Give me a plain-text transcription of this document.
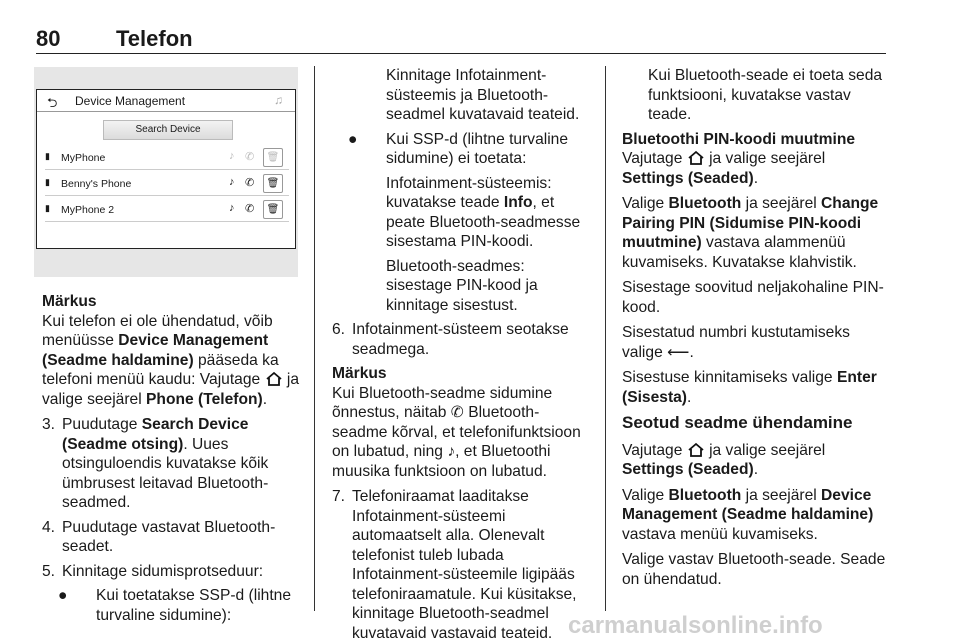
80	Telefon
⮌ Device Management	♫
Search Device
▮ MyPhone	♪ ✆	🗑
▮ Benny's Phone	♪ ✆	🗑
▮ MyPhone 2	♪ ✆	🗑

Märkus

Kui telefon ei ole ühendatud, võib menüüsse Device Management (Seadme haldamine) pääseda ka telefoni menüü kaudu: Vajutage  ja valige seejärel Phone (Telefon).

3. Puudutage Search Device (Seadme otsing). Uues otsinguloendis kuvatakse kõik ümbrusest leitavad Bluetooth-seadmed.
4. Puudutage vastavat Bluetooth-seadet.
5. Kinnitage sidumisprotseduur:
● Kui toetatakse SSP-d (lihtne turvaline sidumine):
Kinnitage Infotainment-süsteemis ja Bluetooth-seadmel kuvatavaid teateid.
● Kui SSP-d (lihtne turvaline sidumine) ei toetata:
Infotainment-süsteemis: kuvatakse teade Info, et peate Bluetooth-seadmesse sisestama PIN-koodi.
Bluetooth-seadmes: sisestage PIN-kood ja kinnitage sisestust.
6. Infotainment-süsteem seotakse seadmega.

Märkus

Kui Bluetooth-seadme sidumine õnnestus, näitab ✆ Bluetooth-seadme kõrval, et telefonifunktsioon on lubatud, ning ♪, et Bluetoothi muusika funktsioon on lubatud.

7. Telefoniraamat laaditakse Infotainment-süsteemi automaatselt alla. Olenevalt telefonist tuleb lubada Infotainment-süsteemile ligipääs telefoniraamatule. Kui küsitakse, kinnitage Bluetooth-seadmel kuvatavaid vastavaid teateid.
Kui Bluetooth-seade ei toeta seda funktsiooni, kuvatakse vastav teade.

Bluetoothi PIN-koodi muutmine

Vajutage  ja valige seejärel Settings (Seaded).

Valige Bluetooth ja seejärel Change Pairing PIN (Sidumise PIN-koodi muutmine) vastava alammenüü kuvamiseks. Kuvatakse klahvistik.

Sisestage soovitud neljakohaline PIN-kood.

Sisestatud numbri kustutamiseks valige ⟵.

Sisestuse kinnitamiseks valige Enter (Sisesta).

Seotud seadme ühendamine

Vajutage  ja valige seejärel Settings (Seaded).

Valige Bluetooth ja seejärel Device Management (Seadme haldamine) vastava menüü kuvamiseks.

Valige vastav Bluetooth-seade. Seade on ühendatud.

carmanualsonline.info
